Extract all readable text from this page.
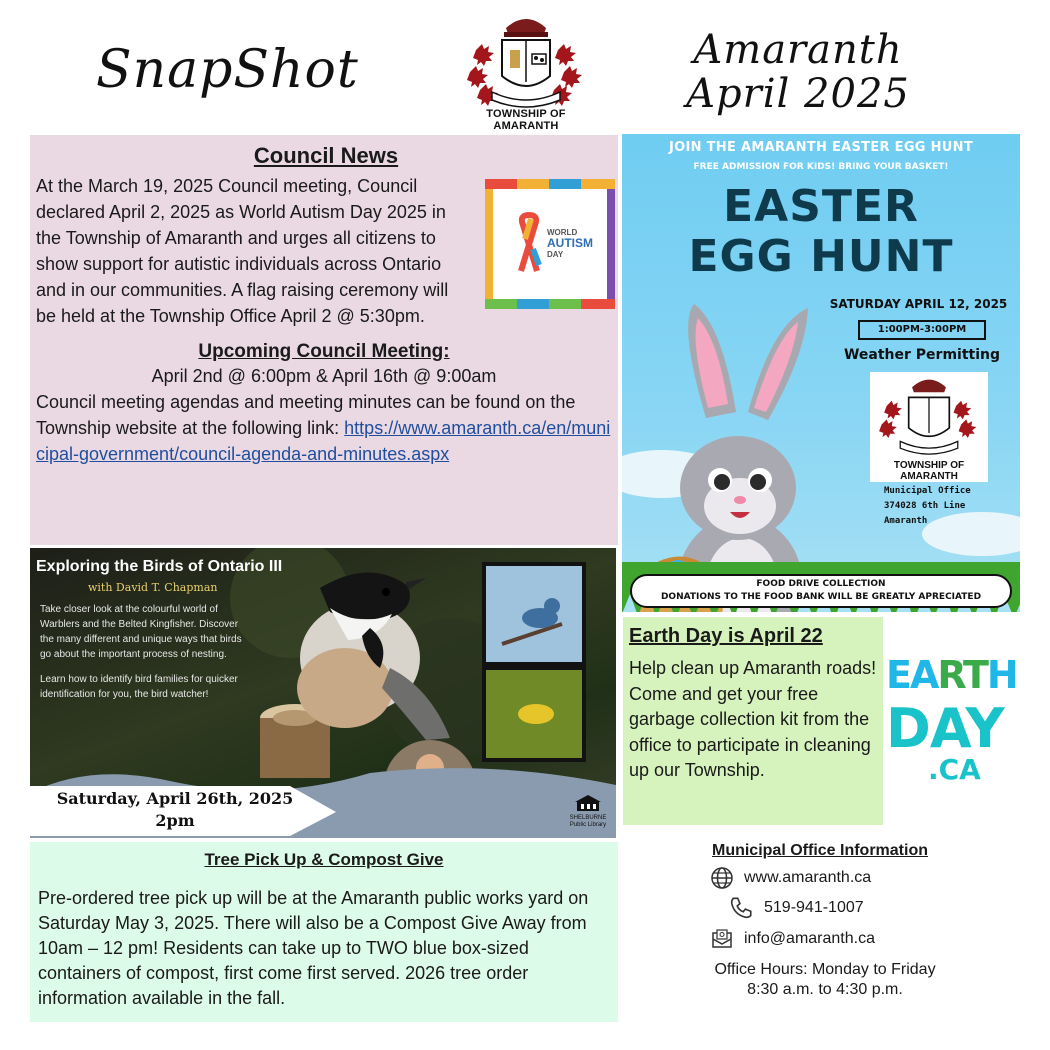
SnapShot
TOWNSHIP OF AMARANTH
Amaranth
April 2025
Council News
At the March 19, 2025 Council meeting, Council declared April 2, 2025 as World Autism Day 2025 in the Township of Amaranth and urges all citizens to show support for autistic individuals across Ontario and in our communities. A flag raising ceremony will be held at the Township Office April 2 @ 5:30pm.
WORLD
AUTISM
DAY
Upcoming Council Meeting:
April 2nd @ 6:00pm & April 16th @ 9:00am
Council meeting agendas and meeting minutes can be found on the Township website at the following link: https://www.amaranth.ca/en/municipal-government/council-agenda-and-minutes.aspx
Exploring the Birds of Ontario III
with David T. Chapman

Take closer look at the colourful world of Warblers and the Belted Kingfisher. Discover the many different and unique ways that birds go about the important process of nesting.

Learn how to identify bird families for quicker identification for you, the bird watcher!

Saturday, April 26th, 2025
2pm	SHELBURNE
Public Library
Tree Pick Up & Compost Give
Pre-ordered tree pick up will be at the Amaranth public works yard on Saturday May 3, 2025. There will also be a Compost Give Away from 10am – 12 pm! Residents can take up to TWO blue box-sized containers of compost, first come first served. 2026 tree order information available in the fall.
JOIN THE AMARANTH EASTER EGG HUNT
FREE ADMISSION FOR KIDS! BRING YOUR BASKET!
EASTER
EGG HUNT
SATURDAY APRIL 12, 2025
1:00PM-3:00PM
Weather Permitting
TOWNSHIP OF AMARANTH
Municipal Office
374028 6th Line
Amaranth
FOOD DRIVE COLLECTION
DONATIONS TO THE FOOD BANK WILL BE GREATLY APRECIATED
Earth Day is April 22
Help clean up Amaranth roads! Come and get your free garbage collection kit from the office to participate in cleaning up our Township.
EARTH
DAY
.CA
Municipal Office Information
www.amaranth.ca
519-941-1007
info@amaranth.ca
Office Hours: Monday to Friday
8:30 a.m. to 4:30 p.m.
